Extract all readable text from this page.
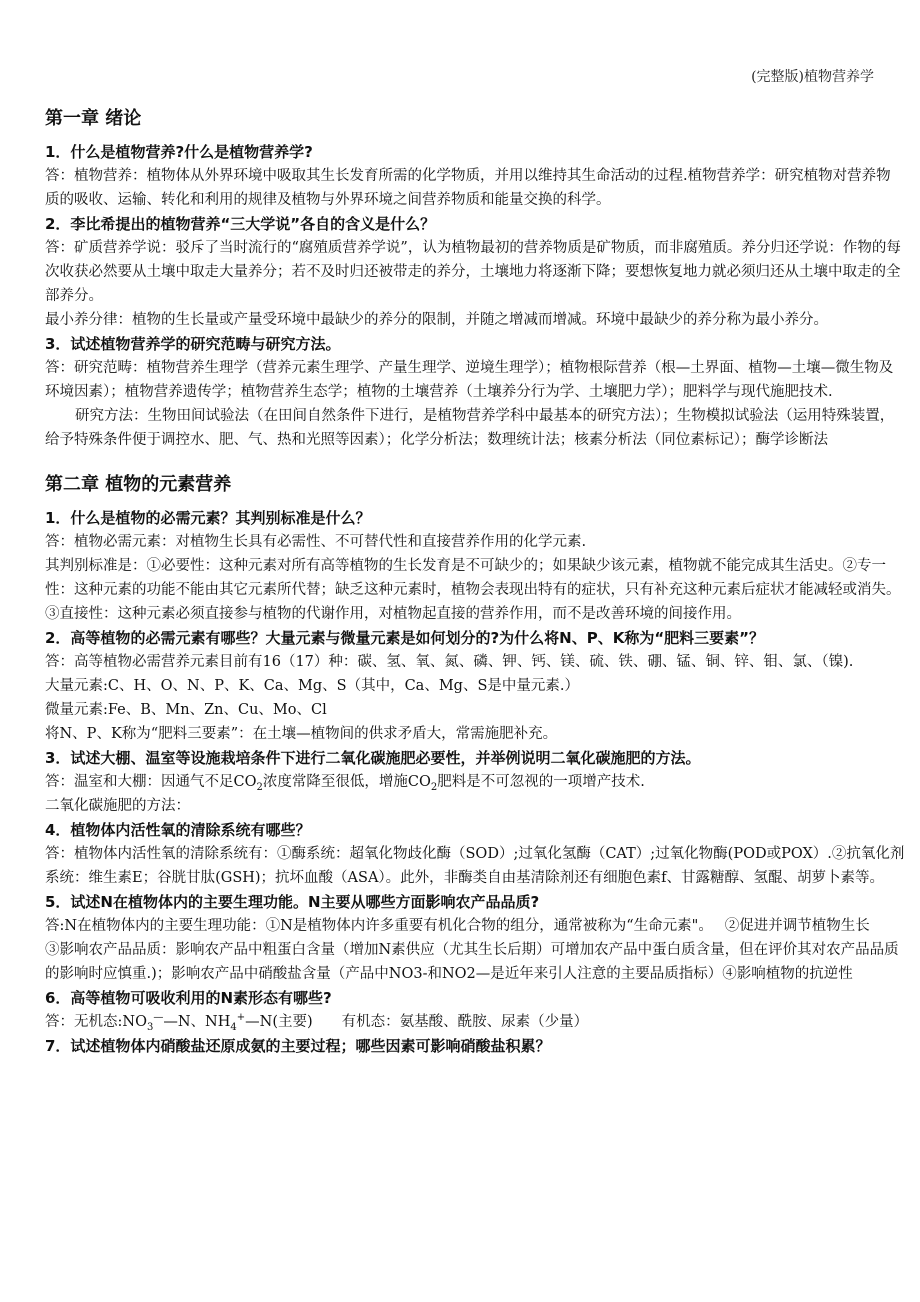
(完整版)植物营养学
第一章 绪论
1．什么是植物营养?什么是植物营养学?
答：植物营养：植物体从外界环境中吸取其生长发育所需的化学物质，并用以维持其生命活动的过程.植物营养学：研究植物对营养物质的吸收、运输、转化和利用的规律及植物与外界环境之间营养物质和能量交换的科学。
2．李比希提出的植物营养“三大学说”各自的含义是什么？
答：矿质营养学说：驳斥了当时流行的“腐殖质营养学说”，认为植物最初的营养物质是矿物质，而非腐殖质。养分归还学说：作物的每次收获必然要从土壤中取走大量养分；若不及时归还被带走的养分，土壤地力将逐渐下降；要想恢复地力就必须归还从土壤中取走的全部养分。
最小养分律：植物的生长量或产量受环境中最缺少的养分的限制，并随之增减而增减。环境中最缺少的养分称为最小养分。
3．试述植物营养学的研究范畴与研究方法。
答：研究范畴：植物营养生理学（营养元素生理学、产量生理学、逆境生理学）；植物根际营养（根—土界面、植物—土壤—微生物及环境因素）；植物营养遗传学；植物营养生态学；植物的土壤营养（土壤养分行为学、土壤肥力学）；肥料学与现代施肥技术.
研究方法：生物田间试验法（在田间自然条件下进行，是植物营养学科中最基本的研究方法）；生物模拟试验法（运用特殊装置，给予特殊条件便于调控水、肥、气、热和光照等因素）；化学分析法；数理统计法；核素分析法（同位素标记）；酶学诊断法
第二章 植物的元素营养
1．什么是植物的必需元素？其判别标准是什么？
答：植物必需元素：对植物生长具有必需性、不可替代性和直接营养作用的化学元素.
其判别标准是：①必要性：这种元素对所有高等植物的生长发育是不可缺少的；如果缺少该元素，植物就不能完成其生活史。②专一性：这种元素的功能不能由其它元素所代替；缺乏这种元素时，植物会表现出特有的症状，只有补充这种元素后症状才能减轻或消失。③直接性：这种元素必须直接参与植物的代谢作用，对植物起直接的营养作用，而不是改善环境的间接作用。
2．高等植物的必需元素有哪些？大量元素与微量元素是如何划分的?为什么将N、P、K称为“肥料三要素”？
答：高等植物必需营养元素目前有16（17）种：碳、氢、氧、氮、磷、钾、钙、镁、硫、铁、硼、锰、铜、锌、钼、氯、（镍).
大量元素:C、H、O、N、P、K、Ca、Mg、S（其中，Ca、Mg、S是中量元素.）
微量元素:Fe、B、Mn、Zn、Cu、Mo、Cl
将N、P、K称为“肥料三要素”：在土壤—植物间的供求矛盾大，常需施肥补充。
3．试述大棚、温室等设施栽培条件下进行二氧化碳施肥必要性，并举例说明二氧化碳施肥的方法。
答：温室和大棚：因通气不足$CO_2$浓度常降至很低，增施$CO_2$肥料是不可忽视的一项增产技术.
二氧化碳施肥的方法：
4．植物体内活性氧的清除系统有哪些？
答：植物体内活性氧的清除系统有：①酶系统：超氧化物歧化酶（SOD）;过氧化氢酶（CAT）;过氧化物酶(POD或POX）.②抗氧化剂系统：维生素E；谷胱甘肽(GSH)；抗坏血酸（ASA）。此外，非酶类自由基清除剂还有细胞色素f、甘露糖醇、氢醌、胡萝卜素等。
5．试述N在植物体内的主要生理功能。N主要从哪些方面影响农产品品质?
答:N在植物体内的主要生理功能：①N是植物体内许多重要有机化合物的组分，通常被称为“生命元素"。　 ②促进并调节植物生长　　③影响农产品品质：影响农产品中粗蛋白含量（增加N素供应（尤其生长后期）可增加农产品中蛋白质含量，但在评价其对农产品品质的影响时应慎重.)；影响农产品中硝酸盐含量（产品中NO3-和NO2—是近年来引人注意的主要品质指标）④影响植物的抗逆性
6．高等植物可吸收利用的N素形态有哪些?
答：无机态$:NO_3^——N$、$NH_4^+—N$(主要)　　有机态：氨基酸、酰胺、尿素（少量）
7．试述植物体内硝酸盐还原成氨的主要过程；哪些因素可影响硝酸盐积累？
